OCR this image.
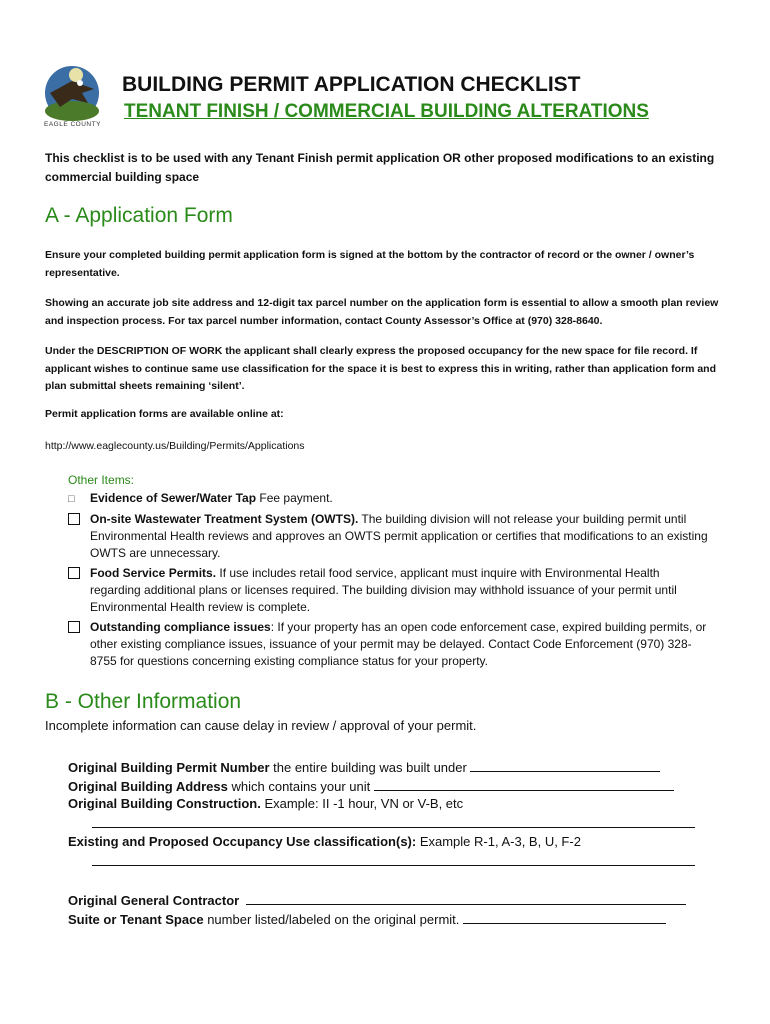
EAGLE COUNTY
BUILDING PERMIT APPLICATION CHECKLIST
TENANT FINISH / COMMERCIAL BUILDING ALTERATIONS
This checklist is to be used with any Tenant Finish permit application OR other proposed modifications to an existing commercial building space
A - Application Form
Ensure your completed building permit application form is signed at the bottom by the contractor of record or the owner / owner’s representative.
Showing an accurate job site address and 12-digit tax parcel number on the application form is essential to allow a smooth plan review and inspection process. For tax parcel number information, contact County Assessor’s Office at (970) 328-8640.
Under the DESCRIPTION OF WORK the applicant shall clearly express the proposed occupancy for the new space for file record. If applicant wishes to continue same use classification for the space it is best to express this in writing, rather than application form and plan submittal sheets remaining ‘silent’.
Permit application forms are available online at:
http://www.eaglecounty.us/Building/Permits/Applications
Other Items:
□ Evidence of Sewer/Water Tap Fee payment.
On-site Wastewater Treatment System (OWTS). The building division will not release your building permit until Environmental Health reviews and approves an OWTS permit application or certifies that modifications to an existing OWTS are unnecessary.
Food Service Permits. If use includes retail food service, applicant must inquire with Environmental Health regarding additional plans or licenses required. The building division may withhold issuance of your permit until Environmental Health review is complete.
Outstanding compliance issues: If your property has an open code enforcement case, expired building permits, or other existing compliance issues, issuance of your permit may be delayed. Contact Code Enforcement (970) 328-8755 for questions concerning existing compliance status for your property.
B - Other Information
Incomplete information can cause delay in review / approval of your permit.
Original Building Permit Number the entire building was built under
Original Building Address which contains your unit
Original Building Construction. Example: II -1 hour, VN or V-B, etc
Existing and Proposed Occupancy Use classification(s): Example R-1, A-3, B, U, F-2
Original General Contractor
Suite or Tenant Space number listed/labeled on the original permit.
